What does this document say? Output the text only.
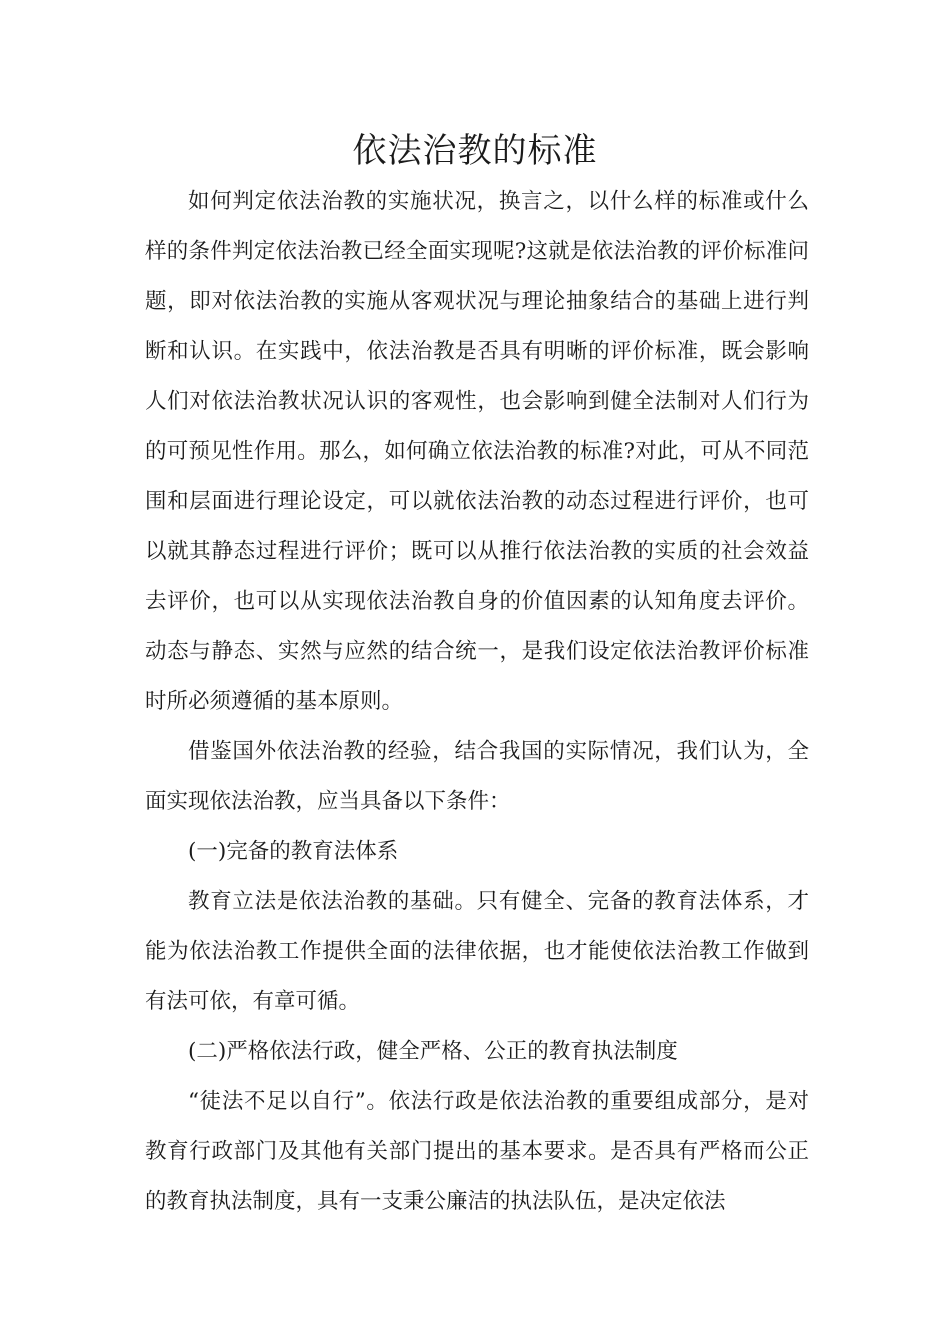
依法治教的标准

如何判定依法治教的实施状况，换言之，以什么样的标准或什么样的条件判定依法治教已经全面实现呢?这就是依法治教的评价标准问题，即对依法治教的实施从客观状况与理论抽象结合的基础上进行判断和认识。在实践中，依法治教是否具有明晰的评价标准，既会影响人们对依法治教状况认识的客观性，也会影响到健全法制对人们行为的可预见性作用。那么，如何确立依法治教的标准?对此，可从不同范围和层面进行理论设定，可以就依法治教的动态过程进行评价，也可以就其静态过程进行评价；既可以从推行依法治教的实质的社会效益去评价，也可以从实现依法治教自身的价值因素的认知角度去评价。动态与静态、实然与应然的结合统一，是我们设定依法治教评价标准时所必须遵循的基本原则。

借鉴国外依法治教的经验，结合我国的实际情况，我们认为，全面实现依法治教，应当具备以下条件：

(一)完备的教育法体系

教育立法是依法治教的基础。只有健全、完备的教育法体系，才能为依法治教工作提供全面的法律依据，也才能使依法治教工作做到有法可依，有章可循。

(二)严格依法行政，健全严格、公正的教育执法制度

“徒法不足以自行”。依法行政是依法治教的重要组成部分，是对教育行政部门及其他有关部门提出的基本要求。是否具有严格而公正的教育执法制度，具有一支秉公廉洁的执法队伍，是决定依法
